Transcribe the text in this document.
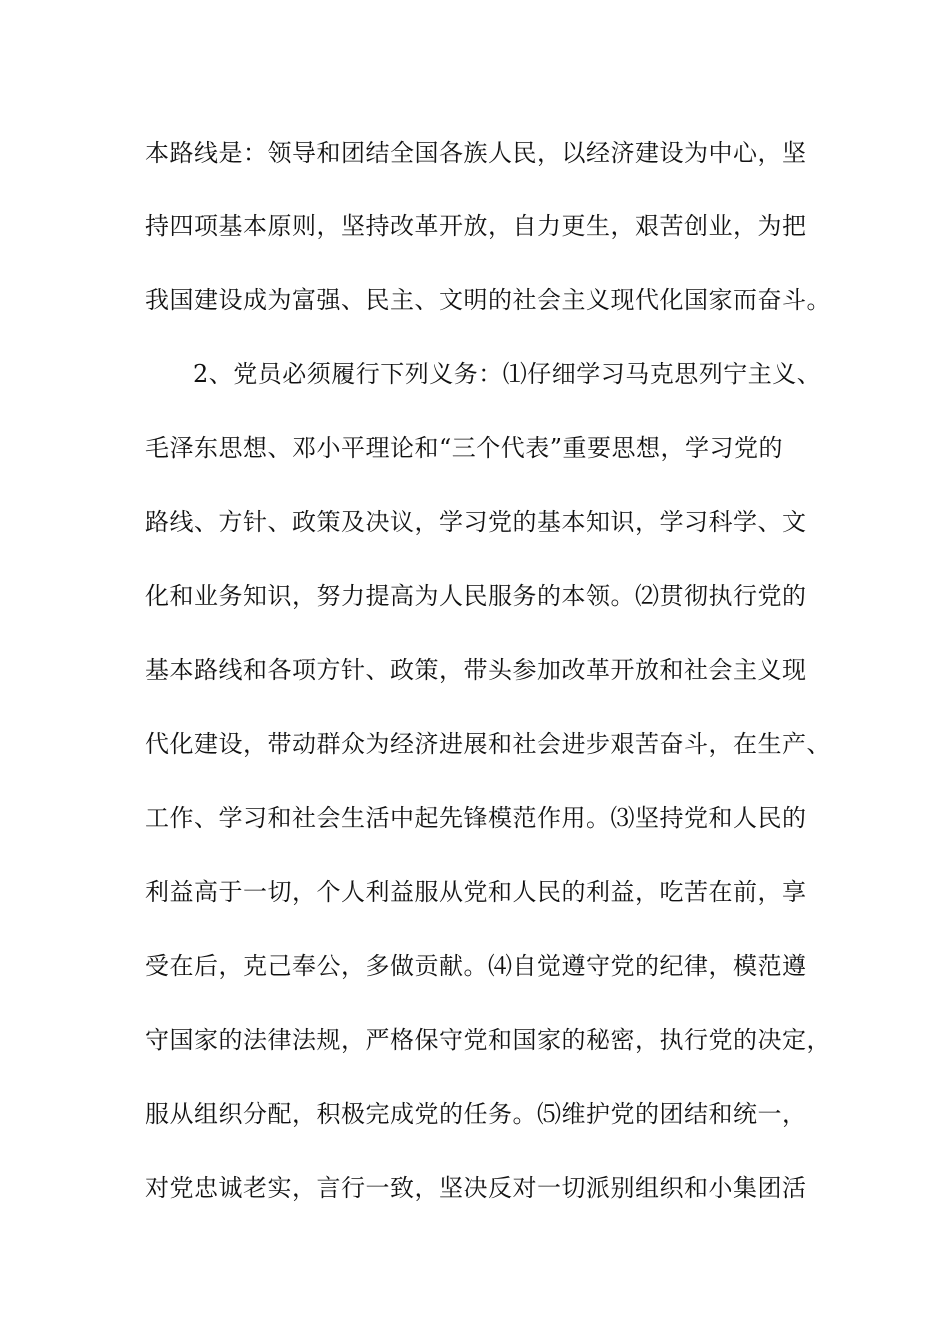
本路线是：领导和团结全国各族人民，以经济建设为中心，坚
持四项基本原则，坚持改革开放，自力更生，艰苦创业，为把
我国建设成为富强、民主、文明的社会主义现代化国家而奋斗。
2、党员必须履行下列义务：⑴仔细学习马克思列宁主义、
毛泽东思想、邓小平理论和“三个代表”重要思想，学习党的
路线、方针、政策及决议，学习党的基本知识，学习科学、文
化和业务知识，努力提高为人民服务的本领。⑵贯彻执行党的
基本路线和各项方针、政策，带头参加改革开放和社会主义现
代化建设，带动群众为经济进展和社会进步艰苦奋斗，在生产、
工作、学习和社会生活中起先锋模范作用。⑶坚持党和人民的
利益高于一切，个人利益服从党和人民的利益，吃苦在前，享
受在后，克己奉公，多做贡献。⑷自觉遵守党的纪律，模范遵
守国家的法律法规，严格保守党和国家的秘密，执行党的决定，
服从组织分配，积极完成党的任务。⑸维护党的团结和统一，
对党忠诚老实，言行一致，坚决反对一切派别组织和小集团活
